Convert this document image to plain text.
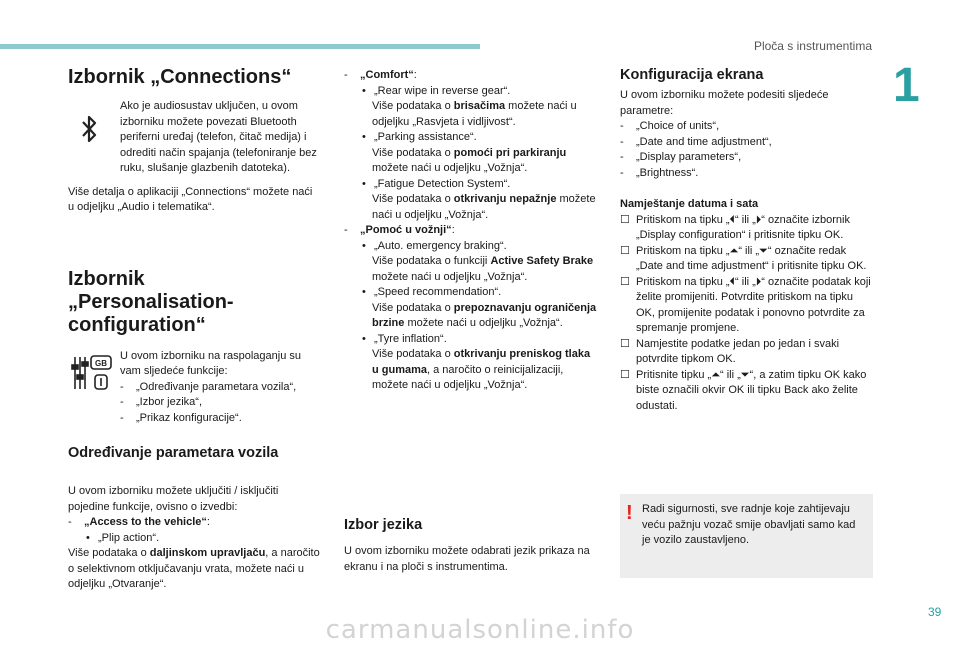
Ploča s instrumentima
1
Izbornik „Connections“

Ako je audiosustav uključen, u ovom izborniku možete povezati Bluetooth periferni uređaj (telefon, čitač medija) i odrediti način spajanja (telefoniranje bez ruku, slušanje glazbenih datoteka).

Više detalja o aplikaciji „Connections“ možete naći u odjeljku „Audio i telematika“.

Izbornik „Personalisation-configuration“
GB

U ovom izborniku na raspolaganju su vam sljedeće funkcije:

- „Određivanje parametara vozila“,
- „Izbor jezika“,
- „Prikaz konfiguracije“.
Određivanje parametara vozila

U ovom izborniku možete uključiti / isključiti pojedine funkcije, ovisno o izvedbi:

- „Access to the vehicle“:
• „Plip action“.

Više podataka o daljinskom upravljaču, a naročito o selektivnom otključavanju vrata, možete naći u odjeljku „Otvaranje“.

- „Comfort“:
• „Rear wipe in reverse gear“.

Više podataka o brisačima možete naći u odjeljku „Rasvjeta i vidljivost“.

• „Parking assistance“.

Više podataka o pomoći pri parkiranju možete naći u odjeljku „Vožnja“.

• „Fatigue Detection System“.

Više podataka o otkrivanju nepažnje možete naći u odjeljku „Vožnja“.

- „Pomoć u vožnji“:
• „Auto. emergency braking“.

Više podataka o funkciji Active Safety Brake možete naći u odjeljku „Vožnja“.

• „Speed recommendation“.

Više podataka o prepoznavanju ograničenja brzine možete naći u odjeljku „Vožnja“.

• „Tyre inflation“.

Više podataka o otkrivanju preniskog tlaka u gumama, a naročito o reinicijalizaciji, možete naći u odjeljku „Vožnja“.

Izbor jezika

U ovom izborniku možete odabrati jezik prikaza na ekranu i na ploči s instrumentima.

Konfiguracija ekrana

U ovom izborniku možete podesiti sljedeće parametre:

- „Choice of units“,
- „Date and time adjustment“,
- „Display parameters“,
- „Brightness“.

Namještanje datuma i sata

☐ Pritiskom na tipku „⏴“ ili „⏵“ označite izbornik „Display configuration“ i pritisnite tipku OK.
☐ Pritiskom na tipku „⏶“ ili „⏷“ označite redak „Date and time adjustment“ i pritisnite tipku OK.
☐ Pritiskom na tipku „⏴“ ili „⏵“ označite podatak koji želite promijeniti. Potvrdite pritiskom na tipku OK, promijenite podatak i ponovno potvrdite za spremanje promjene.
☐ Namjestite podatke jedan po jedan i svaki potvrdite tipkom OK.
☐ Pritisnite tipku „⏶“ ili „⏷“, a zatim tipku OK kako biste označili okvir OK ili tipku Back ako želite odustati.
! Radi sigurnosti, sve radnje koje zahtijevaju veću pažnju vozač smije obavljati samo kad je vozilo zaustavljeno.

39
carmanualsonline.info
